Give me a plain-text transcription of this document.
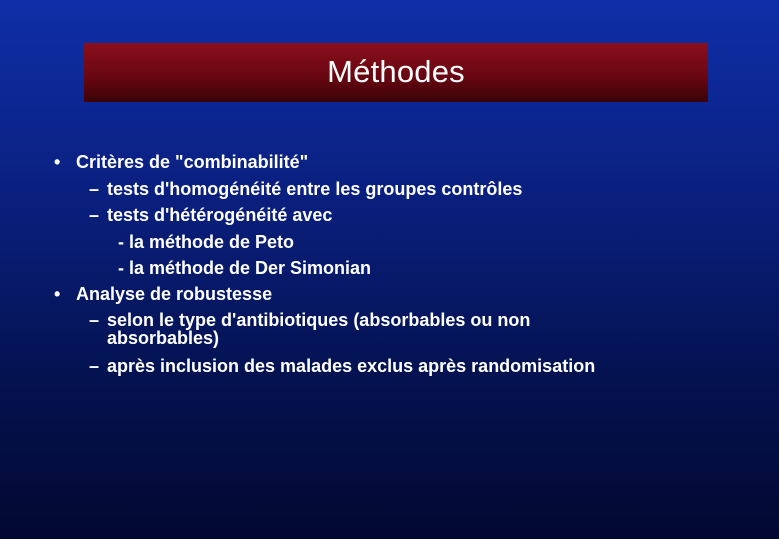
Méthodes
• Critères de "combinabilité"
– tests d'homogénéité entre les groupes contrôles
– tests d'hétérogénéité avec
- la méthode de Peto
- la méthode de Der Simonian
• Analyse de robustesse
– selon le type d'antibiotiques (absorbables ou non
absorbables)
– après inclusion des malades exclus après randomisation
